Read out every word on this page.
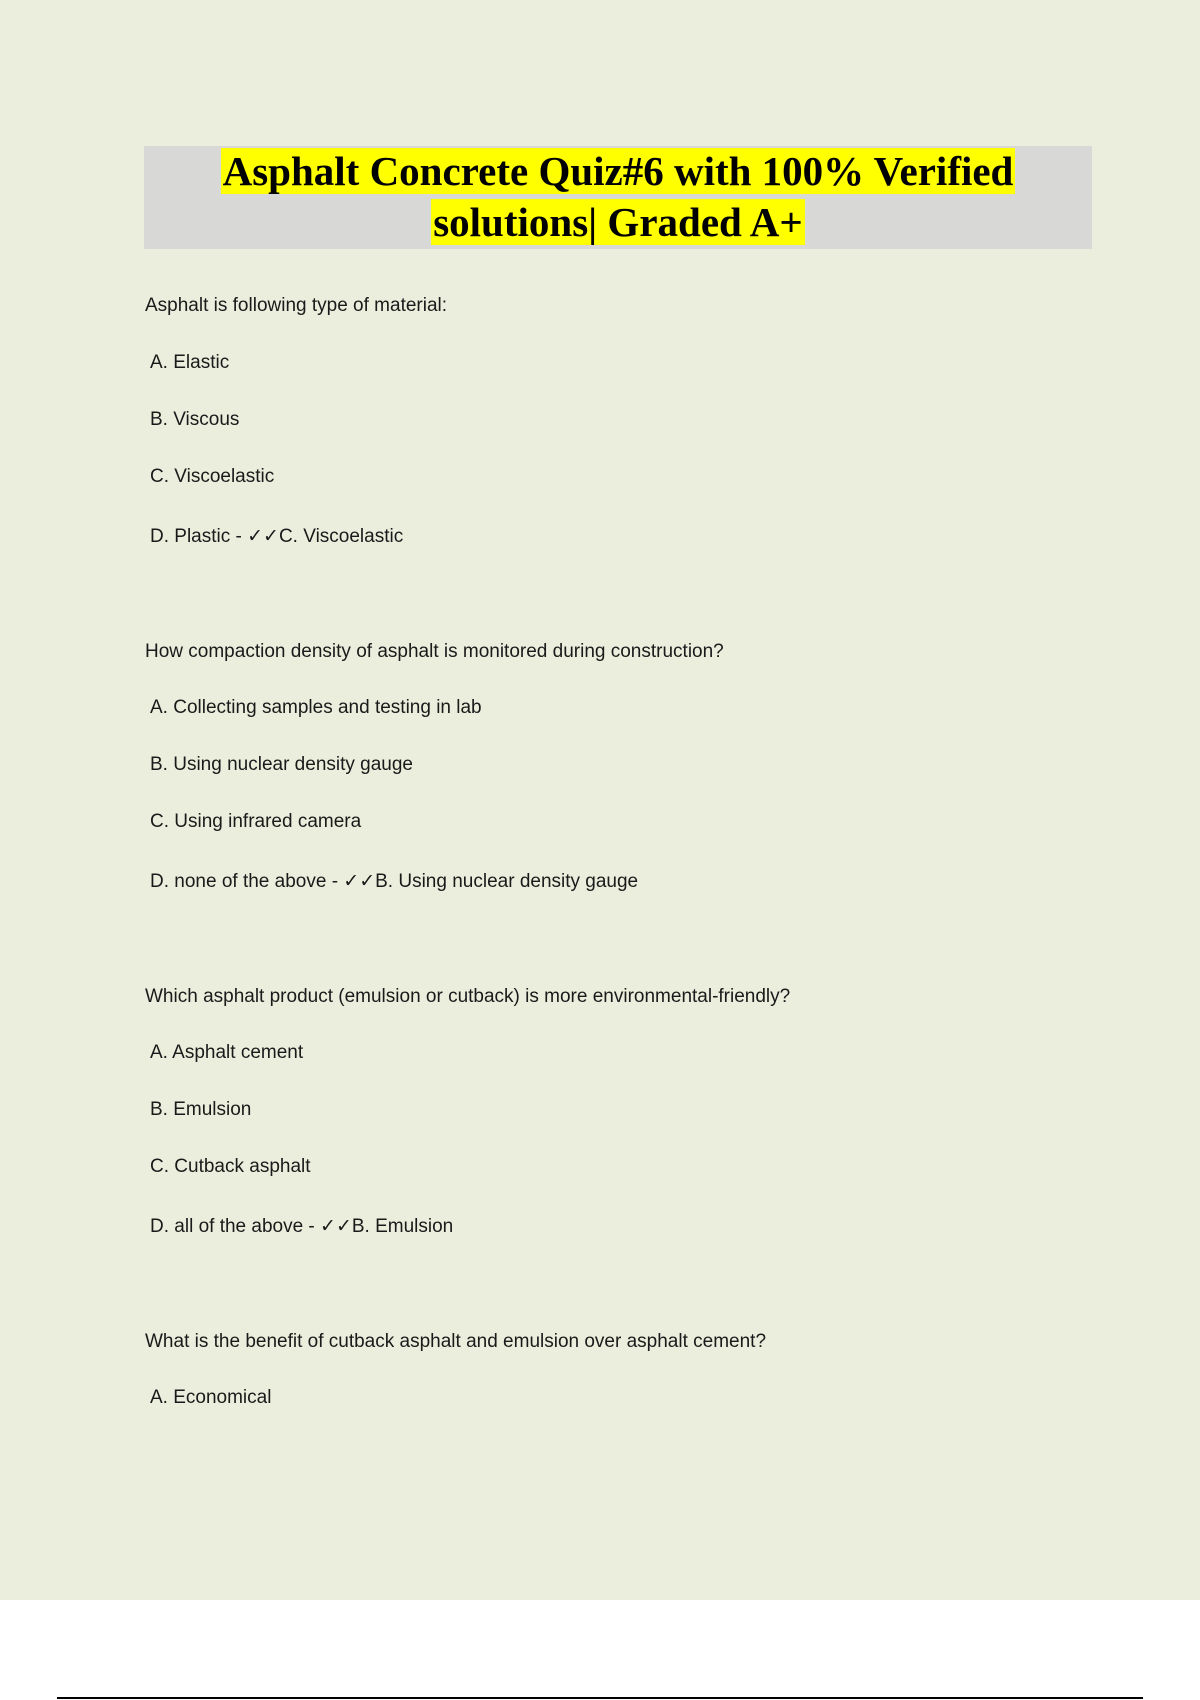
Asphalt Concrete Quiz#6 with 100% Verified
solutions| Graded A+

Asphalt is following type of material:

A. Elastic

B. Viscous

C. Viscoelastic

D. Plastic - ✓✓C. Viscoelastic

How compaction density of asphalt is monitored during construction?

A. Collecting samples and testing in lab

B. Using nuclear density gauge

C. Using infrared camera

D. none of the above - ✓✓B. Using nuclear density gauge

Which asphalt product (emulsion or cutback) is more environmental-friendly?

A. Asphalt cement

B. Emulsion

C. Cutback asphalt

D. all of the above - ✓✓B. Emulsion

What is the benefit of cutback asphalt and emulsion over asphalt cement?

A. Economical
